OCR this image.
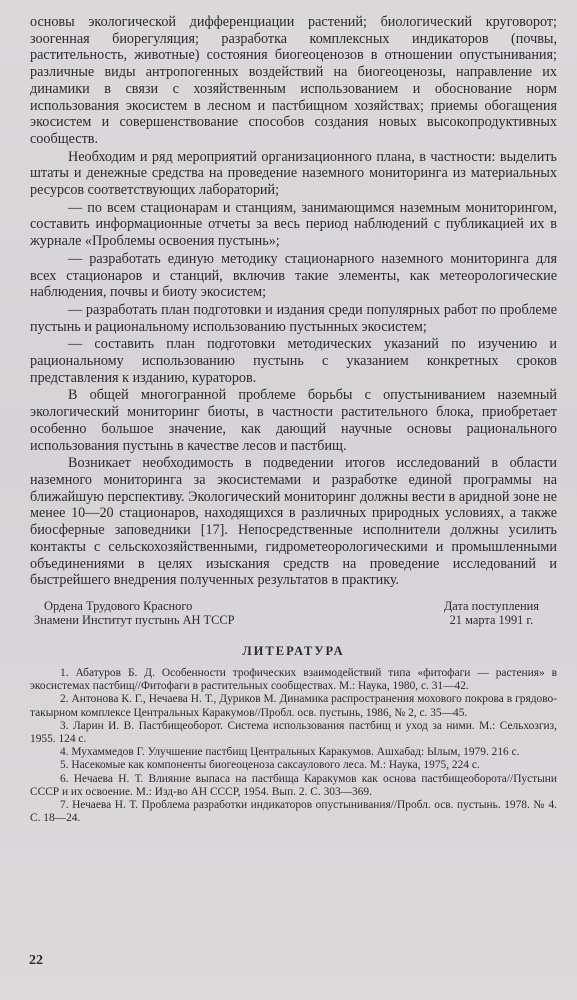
основы экологической дифференциации растений; биологический круговорот; зоогенная биорегуляция; разработка комплексных индикаторов (почвы, растительность, животные) состояния биогеоценозов в отношении опустынивания; различные виды антропогенных воздействий на биогеоценозы, направление их динамики в связи с хозяйственным использованием и обоснование норм использования экосистем в лесном и пастбищном хозяйствах; приемы обогащения экосистем и совершенствование способов создания новых высокопродуктивных сообществ.

Необходим и ряд мероприятий организационного плана, в частности: выделить штаты и денежные средства на проведение наземного мониторинга из материальных ресурсов соответствующих лабораторий;

— по всем стационарам и станциям, занимающимся наземным мониторингом, составить информационные отчеты за весь период наблюдений с публикацией их в журнале «Проблемы освоения пустынь»;

— разработать единую методику стационарного наземного мониторинга для всех стационаров и станций, включив такие элементы, как метеорологические наблюдения, почвы и биоту экосистем;

— разработать план подготовки и издания среди популярных работ по проблеме пустынь и рациональному использованию пустынных экосистем;

— составить план подготовки методических указаний по изучению и рациональному использованию пустынь с указанием конкретных сроков представления к изданию, кураторов.

В общей многогранной проблеме борьбы с опустыниванием наземный экологический мониторинг биоты, в частности растительного блока, приобретает особенно большое значение, как дающий научные основы рационального использования пустынь в качестве лесов и пастбищ.

Возникает необходимость в подведении итогов исследований в области наземного мониторинга за экосистемами и разработке единой программы на ближайшую перспективу. Экологический мониторинг должны вести в аридной зоне не менее 10—20 стационаров, находящихся в различных природных условиях, а также биосферные заповедники [17]. Непосредственные исполнители должны усилить контакты с сельскохозяйственными, гидрометеорологическими и промышленными объединениями в целях изыскания средств на проведение исследований и быстрейшего внедрения полученных результатов в практику.

Ордена Трудового Красного
Знамени Институт пустынь АН ТССР
Дата поступления
21 марта 1991 г.
ЛИТЕРАТУРА

1. Абатуров Б. Д. Особенности трофических взаимодействий типа «фитофаги — растения» в экосистемах пастбищ//Фитофаги в растительных сообществах. М.: Наука, 1980, с. 31—42.

2. Антонова К. Г., Нечаева Н. Т., Дуриков М. Динамика распространения мохового покрова в грядово-такырном комплексе Центральных Каракумов//Пробл. осв. пустынь, 1986, № 2, с. 35—45.

3. Ларин И. В. Пастбищеоборот. Система использования пастбищ и уход за ними. М.: Сельхозгиз, 1955. 124 с.

4. Мухаммедов Г. Улучшение пастбищ Центральных Каракумов. Ашхабад: Ылым, 1979. 216 с.

5. Насекомые как компоненты биогеоценоза саксаулового леса. М.: Наука, 1975, 224 с.

6. Нечаева Н. Т. Влияние выпаса на пастбища Каракумов как основа пастбищеоборота//Пустыни СССР и их освоение. М.: Изд-во АН СССР, 1954. Вып. 2. С. 303—369.

7. Нечаева Н. Т. Проблема разработки индикаторов опустынивания//Пробл. осв. пустынь. 1978. № 4. С. 18—24.

22
